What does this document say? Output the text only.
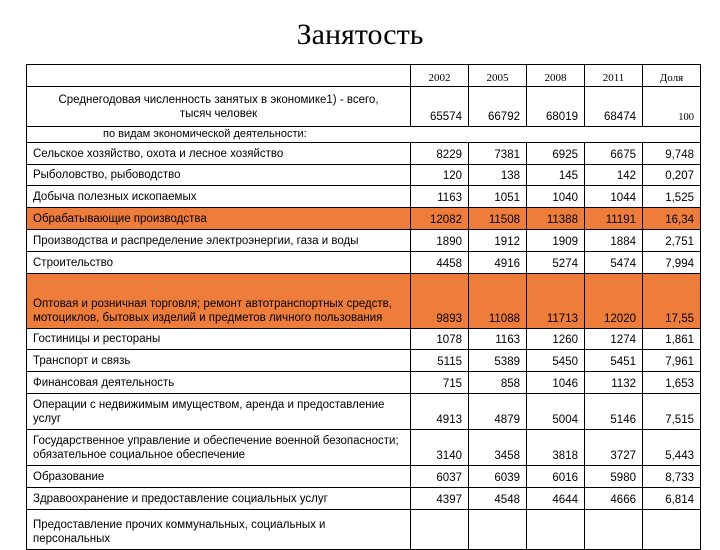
Занятость
	2002	2005	2008	2011	Доля
Среднегодовая численность занятых в экономике1) - всего, тысяч человек	65574	66792	68019	68474	100
по видам экономической деятельности:					
Сельское хозяйство, охота и лесное хозяйство	8229	7381	6925	6675	9,748
Рыболовство, рыбоводство	120	138	145	142	0,207
Добыча полезных ископаемых	1163	1051	1040	1044	1,525
Обрабатывающие производства	12082	11508	11388	11191	16,34
Производства и распределение электроэнергии, газа и воды	1890	1912	1909	1884	2,751
Строительство	4458	4916	5274	5474	7,994
Оптовая и розничная торговля; ремонт автотранспортных средств, мотоциклов, бытовых изделий и предметов личного пользования	9893	11088	11713	12020	17,55
Гостиницы и рестораны	1078	1163	1260	1274	1,861
Транспорт и связь	5115	5389	5450	5451	7,961
Финансовая деятельность	715	858	1046	1132	1,653
Операции с недвижимым имуществом, аренда и предоставление услуг	4913	4879	5004	5146	7,515
Государственное управление и обеспечение военной безопасности; обязательное социальное обеспечение	3140	3458	3818	3727	5,443
Образование	6037	6039	6016	5980	8,733
Здравоохранение и предоставление социальных услуг	4397	4548	4644	4666	6,814
Предоставление прочих коммунальных, социальных и персональных					
